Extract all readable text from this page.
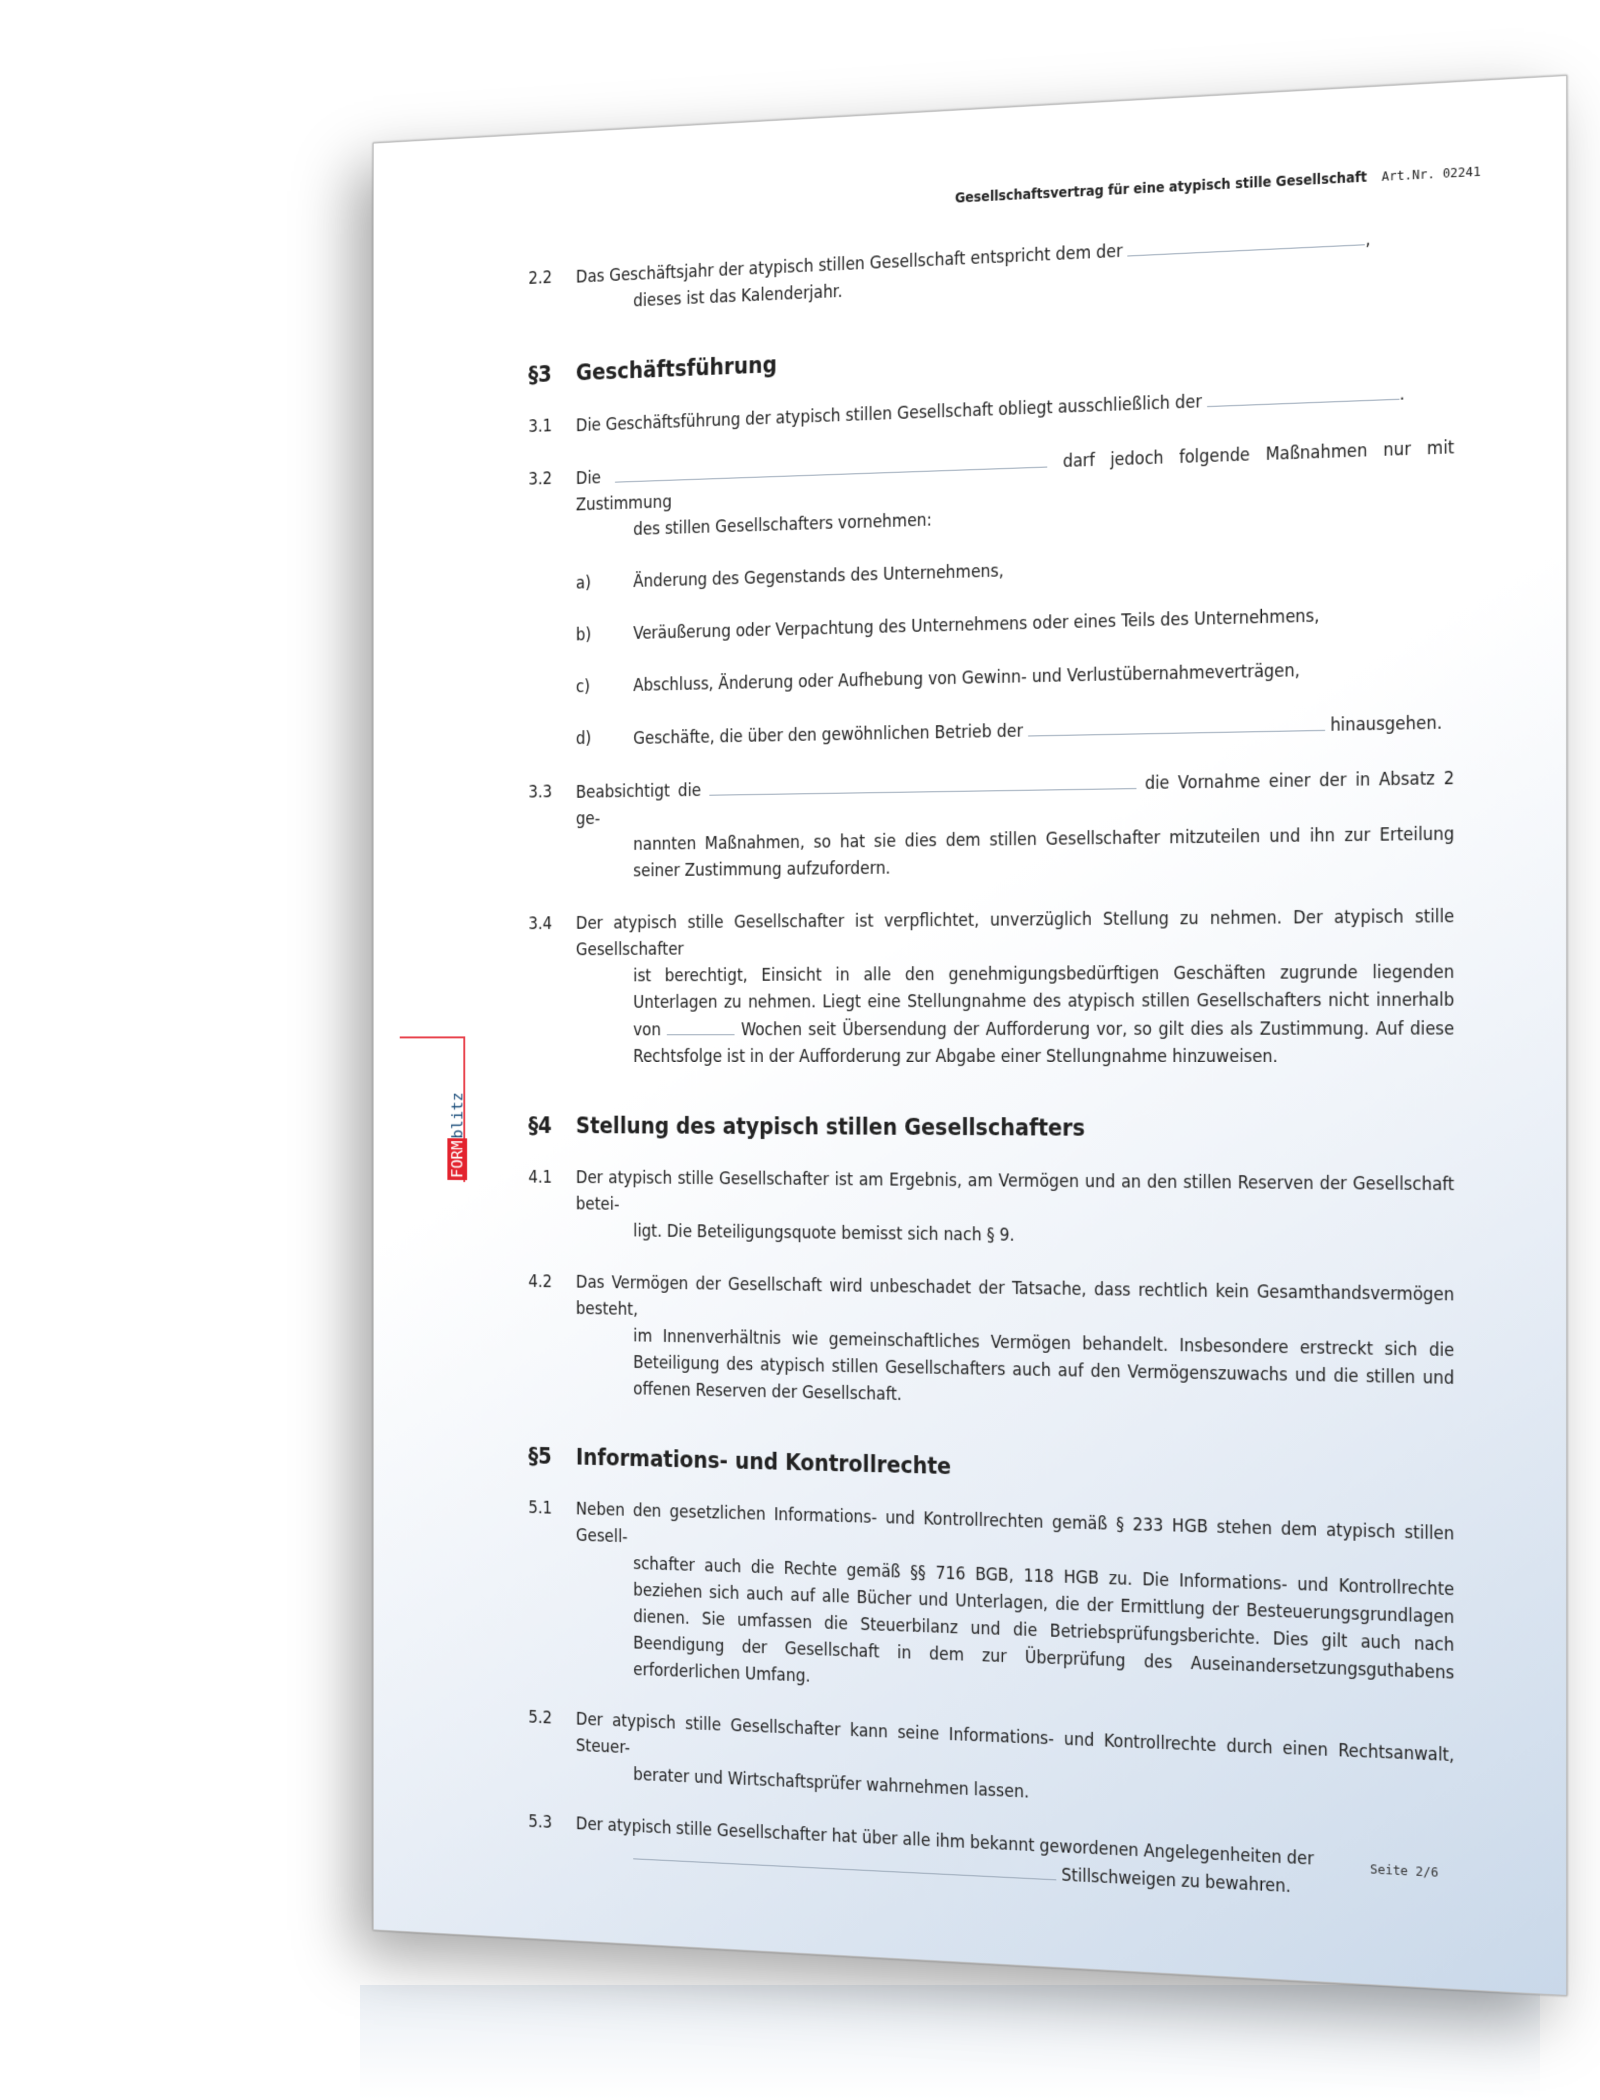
Gesellschaftsvertrag für eine atypisch stille Gesellschaft Art.Nr. 02241
FORMblitz
2.2	Das Geschäftsjahr der atypisch stillen Gesellschaft entspricht dem der ,
dieses ist das Kalenderjahr.
§3	Geschäftsführung
3.1	Die Geschäftsführung der atypisch stillen Gesellschaft obliegt ausschließlich der	.
3.2	Die  darf jedoch folgende Maßnahmen nur mit Zustimmung
des stillen Gesellschafters vornehmen:
a)	Änderung des Gegenstands des Unternehmens,
b)	Veräußerung oder Verpachtung des Unternehmens oder eines Teils des Unternehmens,
c)	Abschluss, Änderung oder Aufhebung von Gewinn- und Verlustübernahmeverträgen,
d)	Geschäfte, die über den gewöhnlichen Betrieb der	hinausgehen.
3.3	Beabsichtigt die	die Vornahme einer der in Absatz 2 ge-
nannten Maßnahmen, so hat sie dies dem stillen Gesellschafter mitzuteilen und ihn zur Erteilung seiner Zustimmung aufzufordern.
3.4	Der atypisch stille Gesellschafter ist verpflichtet, unverzüglich Stellung zu nehmen. Der atypisch stille Gesellschafter
ist berechtigt, Einsicht in alle den genehmigungsbedürftigen Geschäften zugrunde liegenden Unterlagen zu nehmen. Liegt eine Stellungnahme des atypisch stillen Gesellschafters nicht innerhalb von	Wochen seit Übersendung der Aufforderung vor, so gilt dies als Zustimmung. Auf diese Rechtsfolge ist in der Aufforderung zur Abgabe einer Stellungnahme hinzuweisen.
§4	Stellung des atypisch stillen Gesellschafters
4.1	Der atypisch stille Gesellschafter ist am Ergebnis, am Vermögen und an den stillen Reserven der Gesellschaft betei-
ligt. Die Beteiligungsquote bemisst sich nach § 9.
4.2	Das Vermögen der Gesellschaft wird unbeschadet der Tatsache, dass rechtlich kein Gesamthandsvermögen besteht,
im Innenverhältnis wie gemeinschaftliches Vermögen behandelt. Insbesondere erstreckt sich die Beteiligung des atypisch stillen Gesellschafters auch auf den Vermögenszuwachs und die stillen und offenen Reserven der Gesellschaft.
§5	Informations- und Kontrollrechte
5.1	Neben den gesetzlichen Informations- und Kontrollrechten gemäß § 233 HGB stehen dem atypisch stillen Gesell-
schafter auch die Rechte gemäß §§ 716 BGB, 118 HGB zu. Die Informations- und Kontrollrechte beziehen sich auch auf alle Bücher und Unterlagen, die der Ermittlung der Besteuerungsgrundlagen dienen. Sie umfassen die Steuerbilanz und die Betriebsprüfungsberichte. Dies gilt auch nach Beendigung der Gesellschaft in dem zur Überprüfung des Auseinandersetzungsguthabens erforderlichen Umfang.
5.2	Der atypisch stille Gesellschafter kann seine Informations- und Kontrollrechte durch einen Rechtsanwalt, Steuer-
berater und Wirtschaftsprüfer wahrnehmen lassen.
5.3	Der atypisch stille Gesellschafter hat über alle ihm bekannt gewordenen Angelegenheiten der
Stillschweigen zu bewahren.	Seite 2/6
